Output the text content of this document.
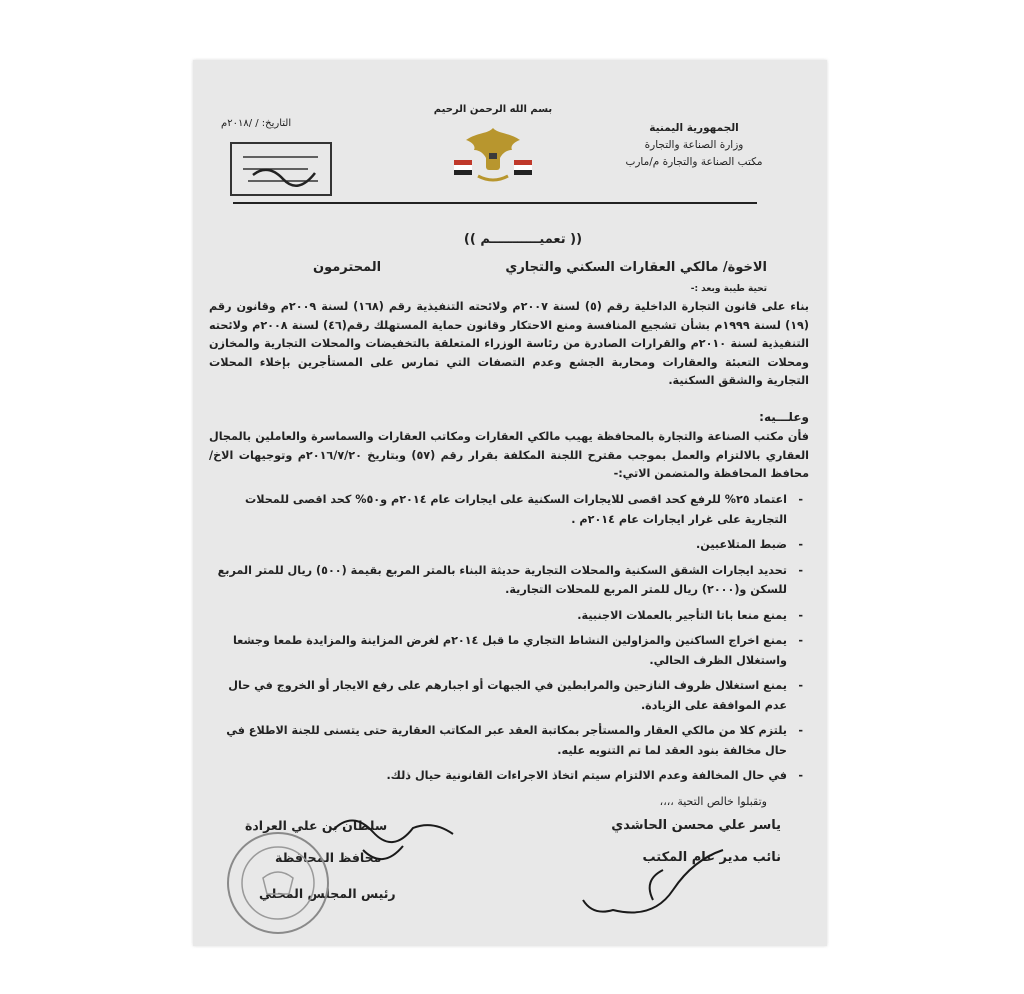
الجمهورية اليمنية
وزارة الصناعة والتجارة
مكتب الصناعة والتجارة م/مارب
بسم الله الرحمن الرحيم
التاريخ: / /٢٠١٨م
(( تعميـــــــــــم ))
الاخوة/ مالكي العقارات السكني والتجاري
المحترمون
تحية طيبة وبعد :-
بناء على قانون التجارة الداخلية رقم (٥) لسنة ٢٠٠٧م ولائحته التنفيذية رقم (١٦٨) لسنة ٢٠٠٩م وقانون رقم (١٩) لسنة ١٩٩٩م بشأن تشجيع المنافسة ومنع الاحتكار وقانون حماية المستهلك رقم(٤٦) لسنة ٢٠٠٨م ولائحته التنفيذية لسنة ٢٠١٠م والقرارات الصادرة من رئاسة الوزراء المتعلقة بالتخفيضات والمحلات التجارية والمخازن ومحلات التعبئة والعقارات ومحاربة الجشع وعدم التصفات التي تمارس على المستأجرين بإخلاء المحلات التجارية والشقق السكنية.
وعلـــيه:
فأن مكتب الصناعة والتجارة بالمحافظة يهيب مالكي العقارات ومكاتب العقارات والسماسرة والعاملين بالمجال العقاري بالالتزام والعمل بموجب مقترح اللجنة المكلفة بقرار رقم (٥٧) وبتاريخ ٢٠١٦/٧/٢٠م وتوجيهات الاخ/محافظ المحافظة والمتضمن الاتي:-
- اعتماد ٢٥% للرفع كحد اقصى للايجارات السكنية على ايجارات عام ٢٠١٤م و٥٠% كحد اقصى للمحلات التجارية على غرار ايجارات عام ٢٠١٤م .
- ضبط المتلاعبين.
- تحديد ايجارات الشقق السكنية والمحلات التجارية حديثة البناء بالمتر المربع بقيمة (٥٠٠) ريال للمتر المربع للسكن و(٢٠٠٠) ريال للمتر المربع للمحلات التجارية.
- يمنع منعا باتا التأجير بالعملات الاجنبية.
- يمنع اخراج الساكنين والمزاولين النشاط التجاري ما قبل ٢٠١٤م لغرض المزاينة والمزايدة طمعا وجشعا واستغلال الظرف الحالي.
- يمنع استغلال ظروف النازحين والمرابطين في الجبهات أو اجبارهم على رفع الايجار أو الخروج في حال عدم الموافقة على الزيادة.
- يلتزم كلا من مالكي العقار والمستأجر بمكاتبة العقد عبر المكاتب العقارية حتى يتسنى للجنة الاطلاع في حال مخالفة بنود العقد لما تم التنويه عليه.
- في حال المخالفة وعدم الالتزام سيتم اتخاذ الاجراءات القانونية حيال ذلك.
وتقبلوا خالص التحية ،،،،
ياسر علي محسن الحاشدي
نائب مدير عام المكتب
سلطان بن علي العرادة
محافظ المحافظة
رئيس المجلس المحلي
